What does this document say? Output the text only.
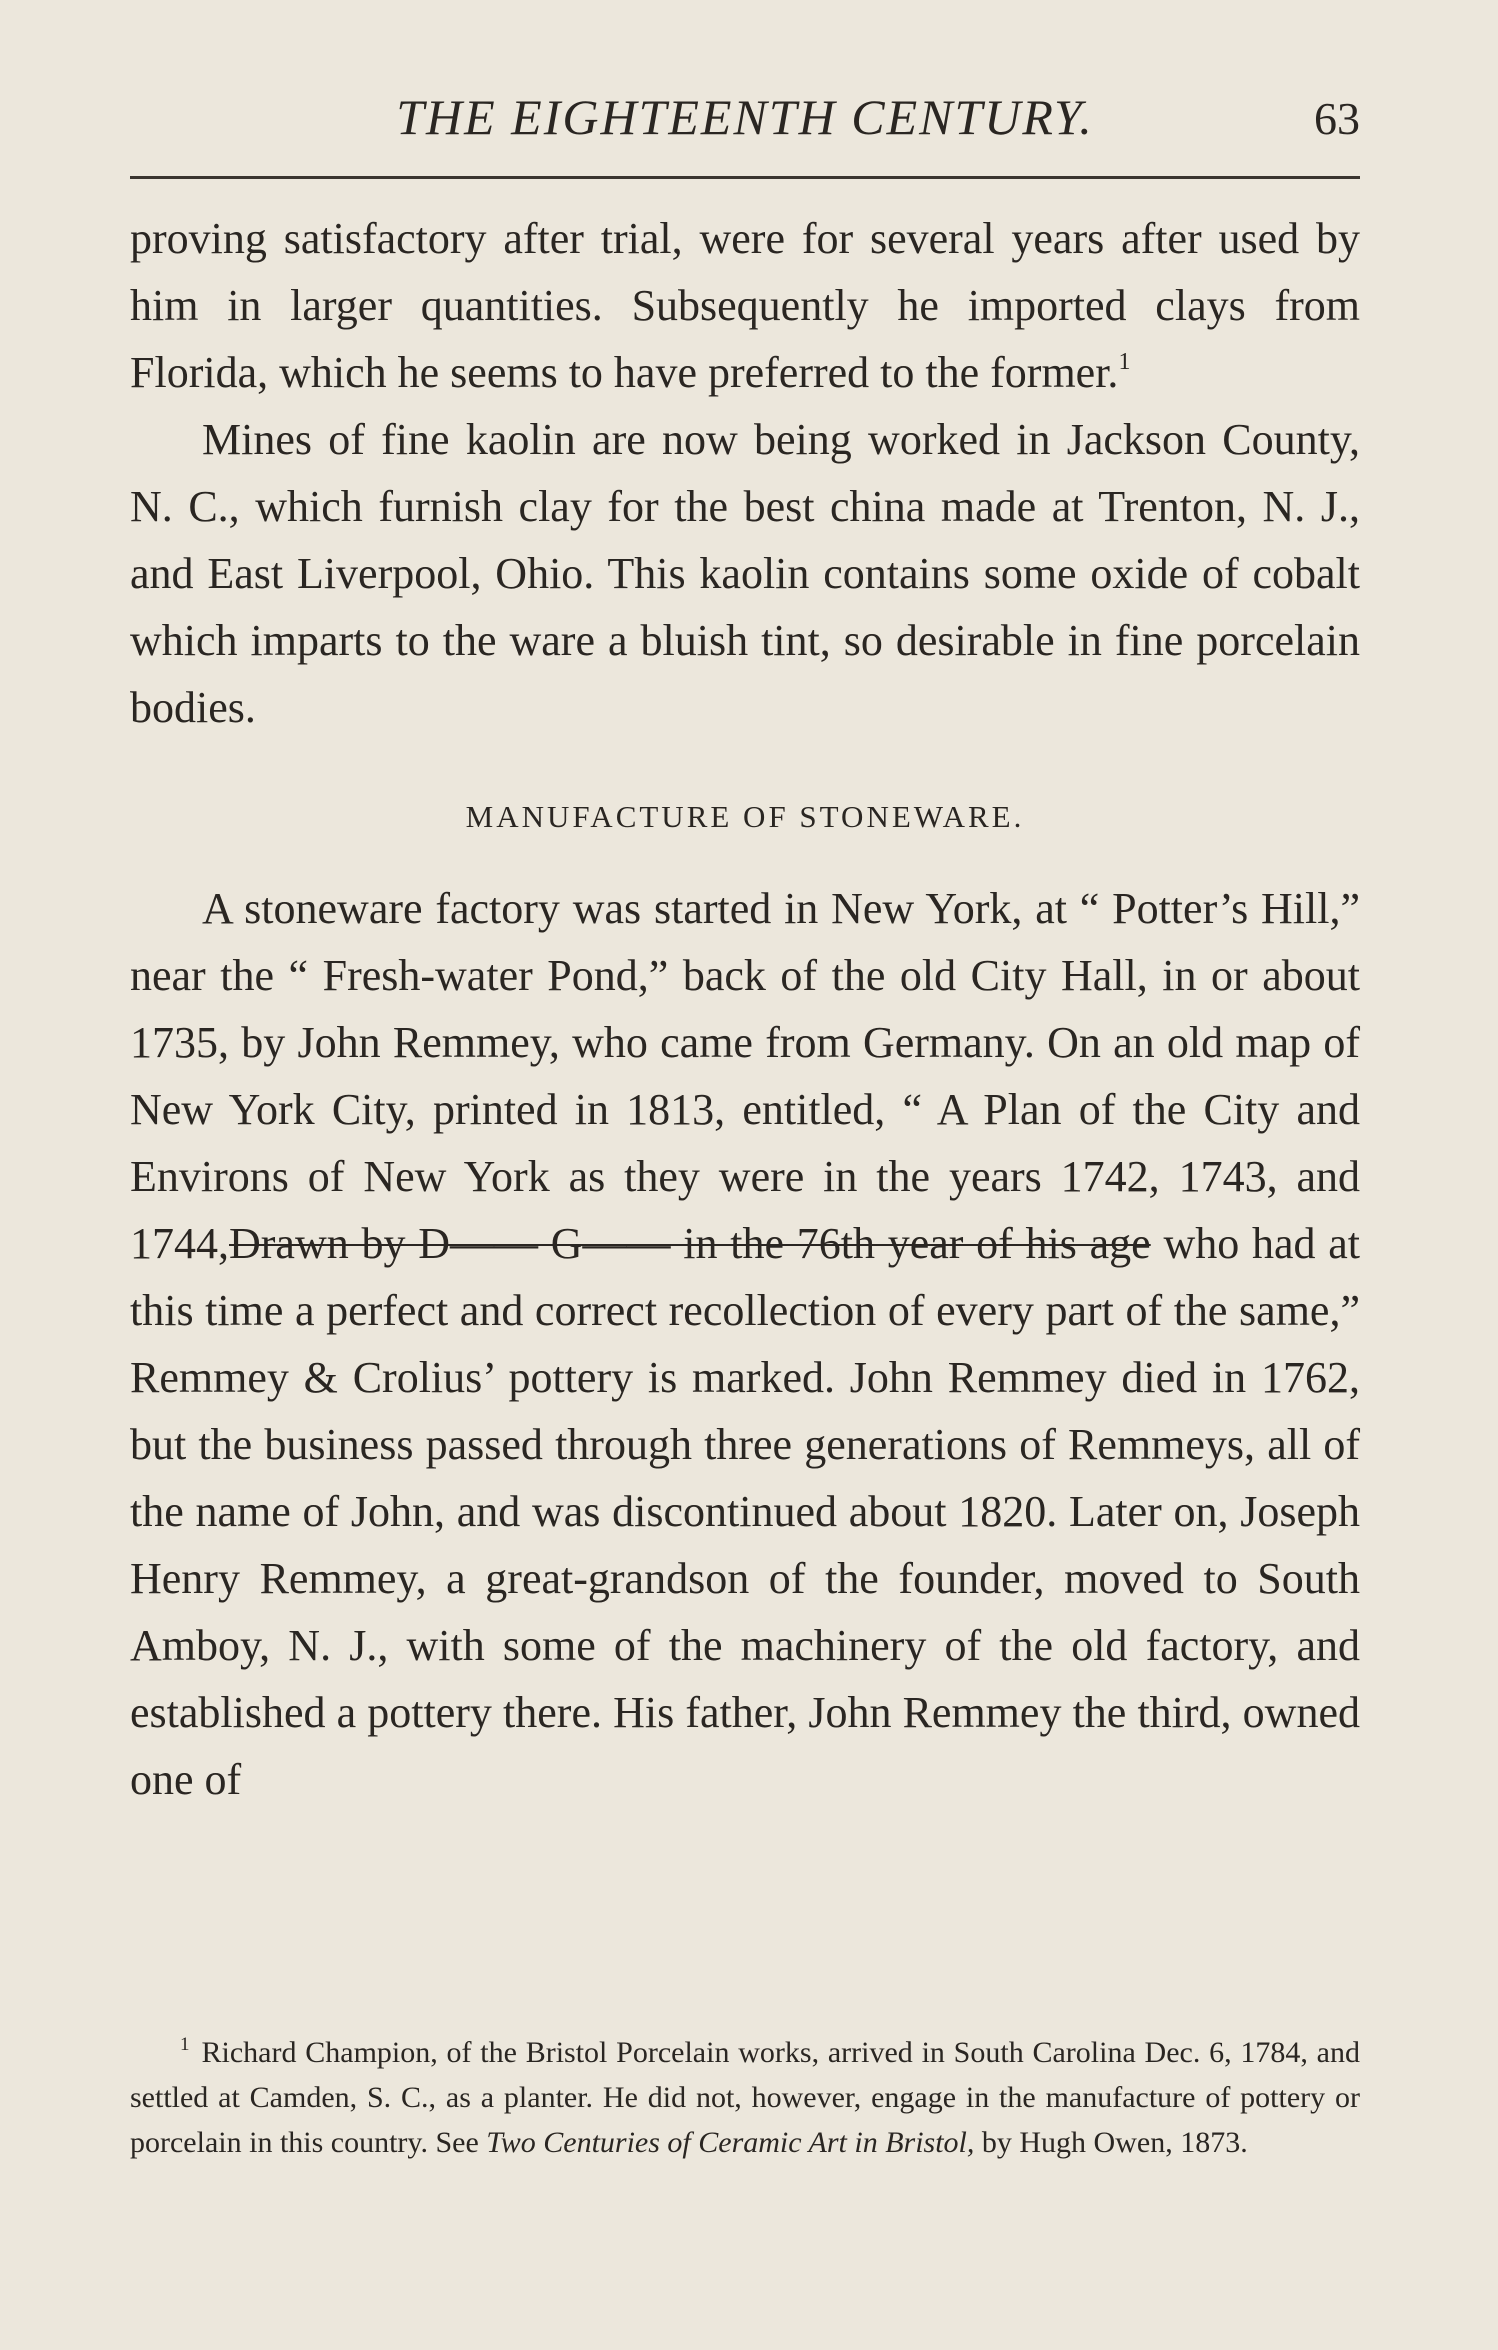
THE EIGHTEENTH CENTURY.	63

proving satisfactory after trial, were for several years after used by him in larger quantities. Subsequently he imported clays from Florida, which he seems to have preferred to the former.$^1$

Mines of fine kaolin are now being worked in Jackson County, N. C., which furnish clay for the best china made at Trenton, N. J., and East Liverpool, Ohio. This kaolin contains some oxide of cobalt which imparts to the ware a bluish tint, so desirable in fine porcelain bodies.

MANUFACTURE OF STONEWARE.

A stoneware factory was started in New York, at “ Potter’s Hill,” near the “ Fresh-water Pond,” back of the old City Hall, in or about 1735, by John Remmey, who came from Germany. On an old map of New York City, printed in 1813, entitled, “ A Plan of the City and Environs of New York as they were in the years 1742, 1743, and 1744,Drawn by D—— G—— in the 76th year of his age who had at this time a perfect and correct recollection of every part of the same,” Remmey & Crolius’ pottery is marked. John Remmey died in 1762, but the business passed through three generations of Remmeys, all of the name of John, and was discontinued about 1820. Later on, Joseph Henry Remmey, a great-grandson of the founder, moved to South Amboy, N. J., with some of the machinery of the old factory, and established a pottery there. His father, John Remmey the third, owned one of

$^1$ Richard Champion, of the Bristol Porcelain works, arrived in South Carolina Dec. 6, 1784, and settled at Camden, S. C., as a planter. He did not, however, engage in the manufacture of pottery or porcelain in this country. See Two Centuries of Ceramic Art in Bristol, by Hugh Owen, 1873.
